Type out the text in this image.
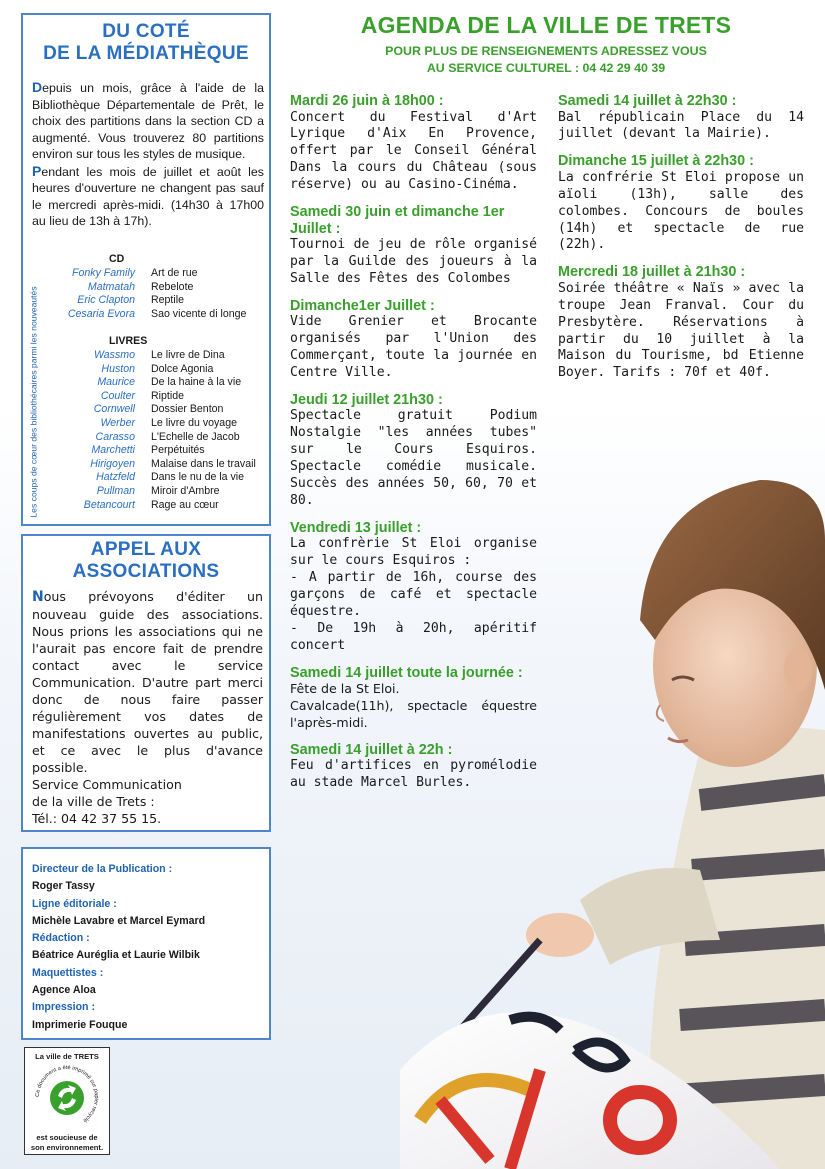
DU COTÉ
DE LA MÉDIATHÈQUE

Depuis un mois, grâce à l'aide de la Bibliothèque Départementale de Prêt, le choix des partitions dans la section CD a augmenté. Vous trouverez 80 partitions environ sur tous les styles de musique.

Pendant les mois de juillet et août les heures d'ouverture ne changent pas sauf le mercredi après-midi. (14h30 à 17h00 au lieu de 13h à 17h).

Les coups de cœur des bibliothécaires parmi les nouveautés
CD
Fonky Family	Art de rue
Matmatah	Rebelote
Eric Clapton	Reptile
Cesaria Evora	Sao vicente di longe
LIVRES
Wassmo	Le livre de Dina
Huston	Dolce Agonia
Maurice	De la haine à la vie
Coulter	Riptide
Cornwell	Dossier Benton
Werber	Le livre du voyage
Carasso	L'Echelle de Jacob
Marchetti	Perpétuités
Hirigoyen	Malaise dans le travail
Hatzfeld	Dans le nu de la vie
Pullman	Miroir d'Ambre
Betancourt	Rage au cœur
APPEL AUX
ASSOCIATIONS

Nous prévoyons d'éditer un nouveau guide des associations. Nous prions les associations qui ne l'aurait pas encore fait de prendre contact avec le service Communication. D'autre part merci donc de nous faire passer régulièrement vos dates de manifestations ouvertes au public, et ce avec le plus d'avance possible.

Service Communication

de la ville de Trets :

Tél.: 04 42 37 55 15.

Directeur de la Publication :
Roger Tassy
Ligne éditoriale :
Michèle Lavabre et Marcel Eymard
Rédaction :
Béatrice Auréglia et Laurie Wilbik
Maquettistes :
Agence Aloa
Impression :
Imprimerie Fouque
La ville de TRETS
Ce document a été imprimé sur papier recyclé
est soucieuse de
son environnement.
AGENDA DE LA VILLE DE TRETS
POUR PLUS DE RENSEIGNEMENTS ADRESSEZ VOUS
AU SERVICE CULTUREL : 04 42 29 40 39
Mardi 26 juin à 18h00 :
Concert du Festival d'Art Lyrique d'Aix En Provence, offert par le Conseil Général Dans la cours du Château (sous réserve) ou au Casino-Cinéma.
Samedi 30 juin et dimanche 1er Juillet :
Tournoi de jeu de rôle organisé par la Guilde des joueurs à la Salle des Fêtes des Colombes
Dimanche1er Juillet :
Vide Grenier et Brocante organisés par l'Union des Commerçant, toute la journée en Centre Ville.
Jeudi 12 juillet 21h30 :
Spectacle gratuit Podium Nostalgie "les années tubes" sur le Cours Esquiros. Spectacle comédie musicale. Succès des années 50, 60, 70 et 80.
Vendredi 13 juillet :
La confrèrie St Eloi organise sur le cours Esquiros :
- A partir de 16h, course des garçons de café et spectacle équestre.
- De 19h à 20h, apéritif concert
Samedi 14 juillet toute la journée :
Fête de la St Eloi.
Cavalcade(11h), spectacle équestre l'après-midi.
Samedi 14 juillet à 22h :
Feu d'artifices en pyromélodie au stade Marcel Burles.
Samedi 14 juillet à 22h30 :
Bal républicain Place du 14 juillet (devant la Mairie).
Dimanche 15 juillet à 22h30 :
La confrérie St Eloi propose un aïoli (13h), salle des colombes. Concours de boules (14h) et spectacle de rue (22h).
Mercredi 18 juillet à 21h30 :
Soirée théâtre « Naïs » avec la troupe Jean Franval. Cour du Presbytère. Réservations à partir du 10 juillet à la Maison du Tourisme, bd Etienne Boyer. Tarifs : 70f et 40f.
